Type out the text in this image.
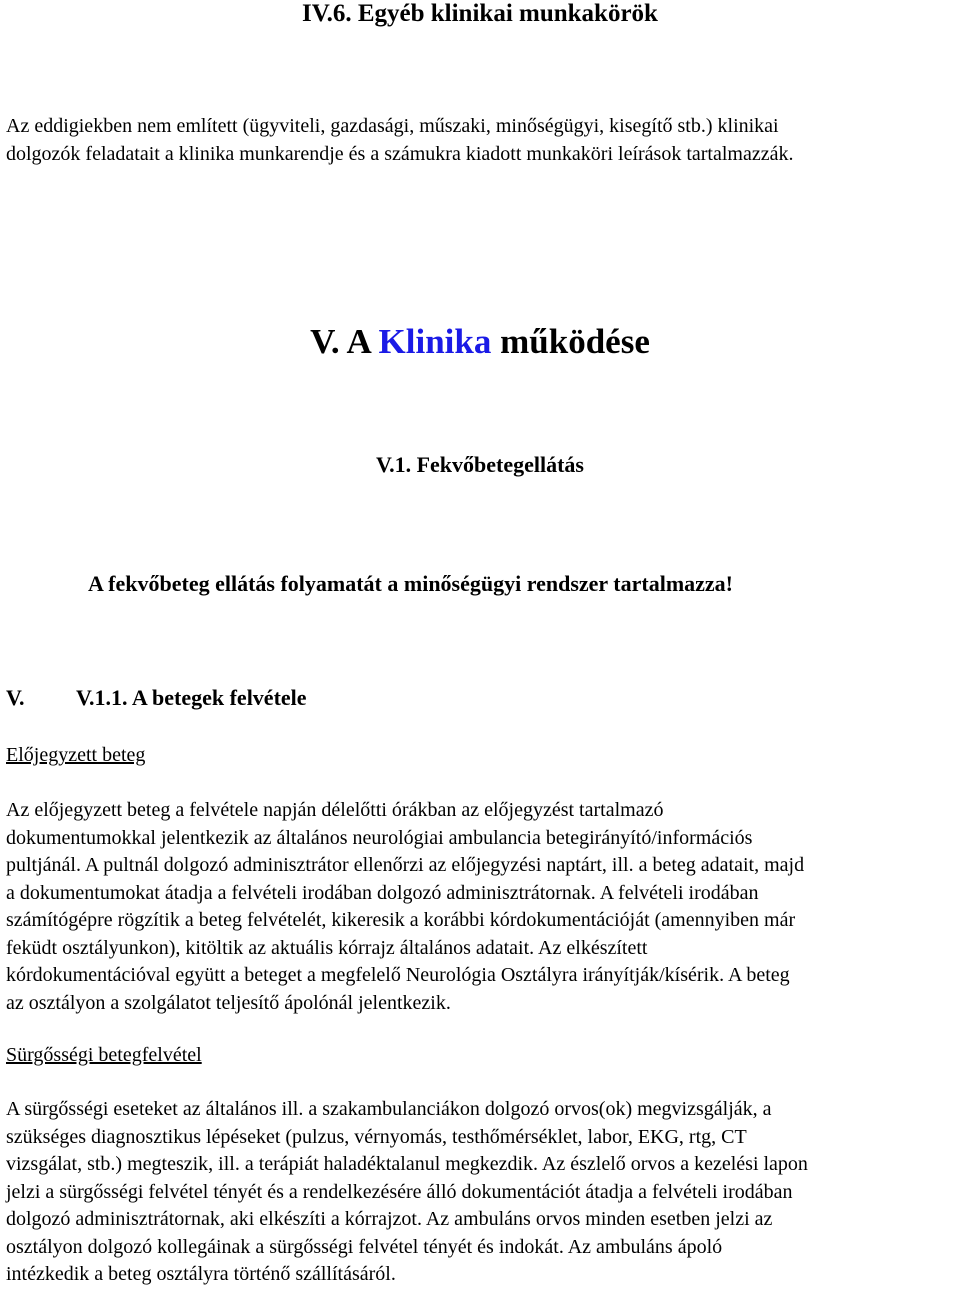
IV.6. Egyéb klinikai munkakörök
Az eddigiekben nem említett (ügyviteli, gazdasági, műszaki, minőségügyi, kisegítő stb.) klinikai
dolgozók feladatait a klinika munkarendje és a számukra kiadott munkaköri leírások tartalmazzák.
V. A Klinika működése
V.1. Fekvőbetegellátás

A fekvőbeteg ellátás folyamatát a minőségügyi rendszer tartalmazza!

V. V.1.1. A betegek felvétele

Előjegyzett beteg

Az előjegyzett beteg a felvétele napján délelőtti órákban az előjegyzést tartalmazó
dokumentumokkal jelentkezik az általános neurológiai ambulancia betegirányító/információs
pultjánál. A pultnál dolgozó adminisztrátor ellenőrzi az előjegyzési naptárt, ill. a beteg adatait, majd
a dokumentumokat átadja a felvételi irodában dolgozó adminisztrátornak. A felvételi irodában
számítógépre rögzítik a beteg felvételét, kikeresik a korábbi kórdokumentációját (amennyiben már
feküdt osztályunkon), kitöltik az aktuális kórrajz általános adatait. Az elkészített
kórdokumentációval együtt a beteget a megfelelő Neurológia Osztályra irányítják/kísérik. A beteg
az osztályon a szolgálatot teljesítő ápolónál jelentkezik.

Sürgősségi betegfelvétel

A sürgősségi eseteket az általános ill. a szakambulanciákon dolgozó orvos(ok) megvizsgálják, a
szükséges diagnosztikus lépéseket (pulzus, vérnyomás, testhőmérséklet, labor, EKG, rtg, CT
vizsgálat, stb.) megteszik, ill. a terápiát haladéktalanul megkezdik. Az észlelő orvos a kezelési lapon
jelzi a sürgősségi felvétel tényét és a rendelkezésére álló dokumentációt átadja a felvételi irodában
dolgozó adminisztrátornak, aki elkészíti a kórrajzot. Az ambuláns orvos minden esetben jelzi az
osztályon dolgozó kollegáinak a sürgősségi felvétel tényét és indokát. Az ambuláns ápoló
intézkedik a beteg osztályra történő szállításáról.
